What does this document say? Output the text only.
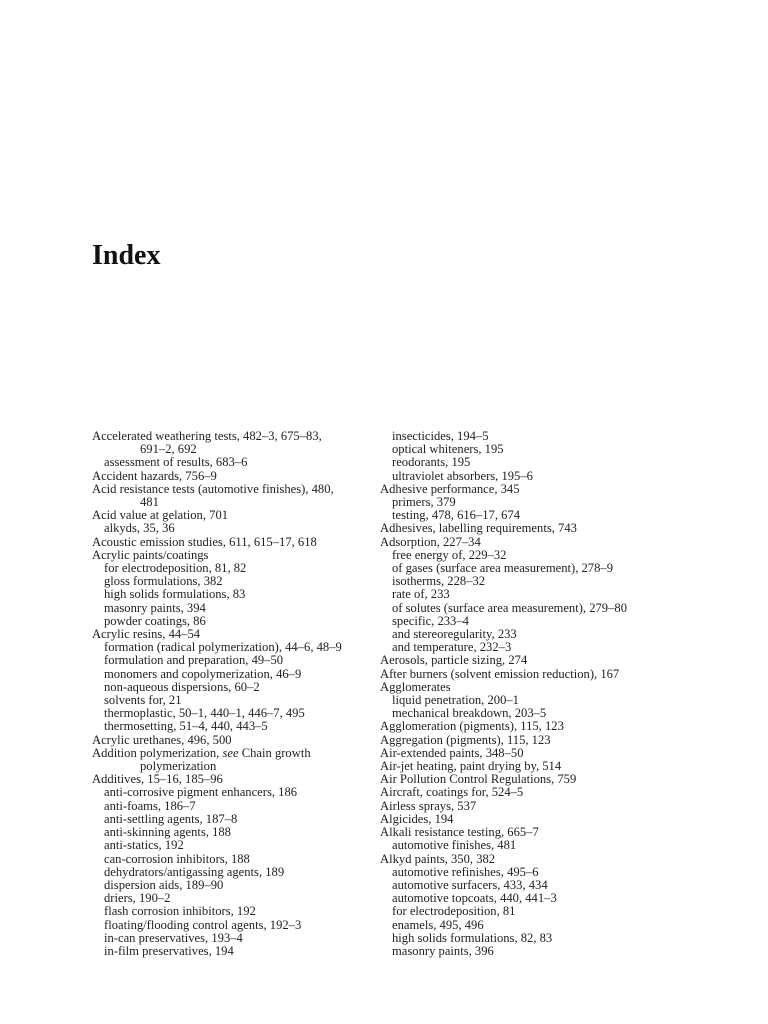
Index
Accelerated weathering tests, 482–3, 675–83,
691–2, 692
assessment of results, 683–6
Accident hazards, 756–9
Acid resistance tests (automotive finishes), 480,
481
Acid value at gelation, 701
alkyds, 35, 36
Acoustic emission studies, 611, 615–17, 618
Acrylic paints/coatings
for electrodeposition, 81, 82
gloss formulations, 382
high solids formulations, 83
masonry paints, 394
powder coatings, 86
Acrylic resins, 44–54
formation (radical polymerization), 44–6, 48–9
formulation and preparation, 49–50
monomers and copolymerization, 46–9
non-aqueous dispersions, 60–2
solvents for, 21
thermoplastic, 50–1, 440–1, 446–7, 495
thermosetting, 51–4, 440, 443–5
Acrylic urethanes, 496, 500
Addition polymerization, see Chain growth
polymerization
Additives, 15–16, 185–96
anti-corrosive pigment enhancers, 186
anti-foams, 186–7
anti-settling agents, 187–8
anti-skinning agents, 188
anti-statics, 192
can-corrosion inhibitors, 188
dehydrators/antigassing agents, 189
dispersion aids, 189–90
driers, 190–2
flash corrosion inhibitors, 192
floating/flooding control agents, 192–3
in-can preservatives, 193–4
in-film preservatives, 194
insecticides, 194–5
optical whiteners, 195
reodorants, 195
ultraviolet absorbers, 195–6
Adhesive performance, 345
primers, 379
testing, 478, 616–17, 674
Adhesives, labelling requirements, 743
Adsorption, 227–34
free energy of, 229–32
of gases (surface area measurement), 278–9
isotherms, 228–32
rate of, 233
of solutes (surface area measurement), 279–80
specific, 233–4
and stereoregularity, 233
and temperature, 232–3
Aerosols, particle sizing, 274
After burners (solvent emission reduction), 167
Agglomerates
liquid penetration, 200–1
mechanical breakdown, 203–5
Agglomeration (pigments), 115, 123
Aggregation (pigments), 115, 123
Air-extended paints, 348–50
Air-jet heating, paint drying by, 514
Air Pollution Control Regulations, 759
Aircraft, coatings for, 524–5
Airless sprays, 537
Algicides, 194
Alkali resistance testing, 665–7
automotive finishes, 481
Alkyd paints, 350, 382
automotive refinishes, 495–6
automotive surfacers, 433, 434
automotive topcoats, 440, 441–3
for electrodeposition, 81
enamels, 495, 496
high solids formulations, 82, 83
masonry paints, 396
